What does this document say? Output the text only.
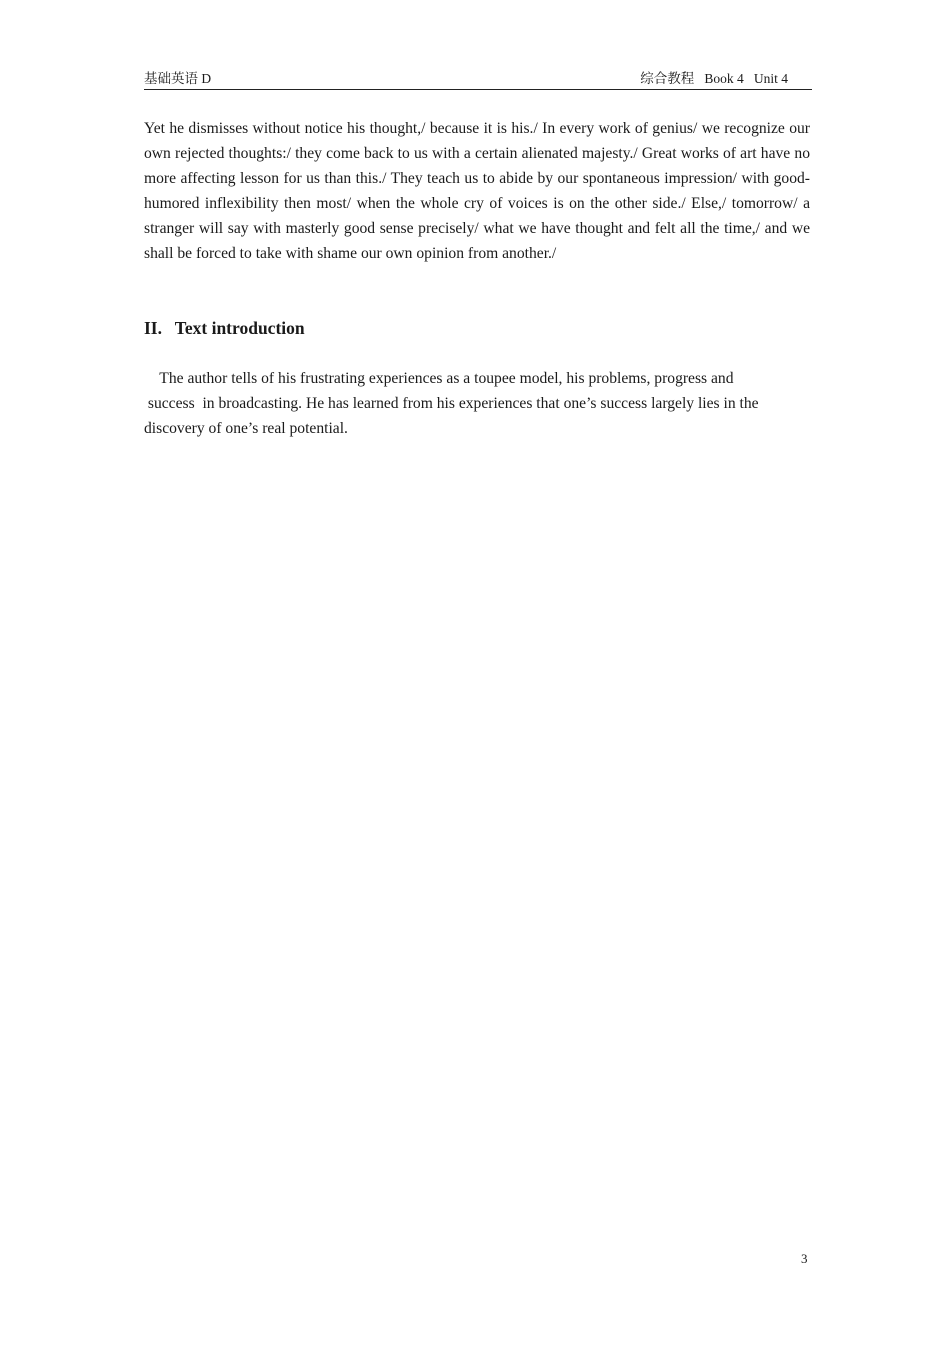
基础英语 D	综合教程   Book 4   Unit 4
Yet he dismisses without notice his thought,/ because it is his./ In every work of genius/ we recognize our own rejected thoughts:/ they come back to us with a certain alienated majesty./ Great works of art have no more affecting lesson for us than this./ They teach us to abide by our spontaneous impression/ with good-humored inflexibility then most/ when the whole cry of voices is on the other side./ Else,/ tomorrow/ a stranger will say with masterly good sense precisely/ what we have thought and felt all the time,/ and we shall be forced to take with shame our own opinion from another./
II.   Text introduction
The author tells of his frustrating experiences as a toupee model, his problems, progress and
success  in broadcasting. He has learned from his experiences that one’s success largely lies in the
discovery of one’s real potential.
3
